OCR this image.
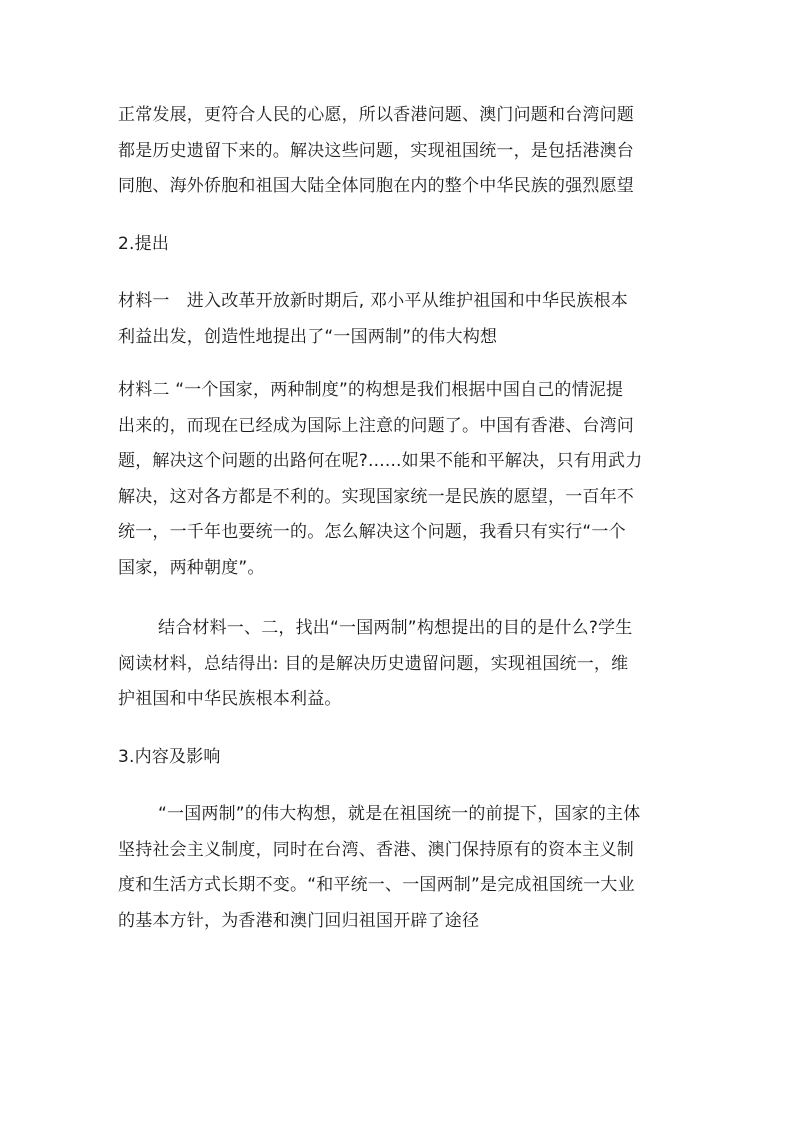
正常发展，更符合人民的心愿，所以香港问题、澳门问题和台湾问题
都是历史遗留下来的。解决这些问题，实现祖国统一，是包括港澳台
同胞、海外侨胞和祖国大陆全体同胞在内的整个中华民族的强烈愿望
2.提出
材料一　进入改革开放新时期后, 邓小平从维护祖国和中华民族根本
利益出发，创造性地提出了“一国两制”的伟大构想
材料二 “一个国家，两种制度”的构想是我们根据中国自己的情泥提
出来的，而现在已经成为国际上注意的问题了。中国有香港、台湾问
题，解决这个问题的出路何在呢?......如果不能和平解决，只有用武力
解决，这对各方都是不利的。实现国家统一是民族的愿望，一百年不
统一，一千年也要统一的。怎么解决这个问题，我看只有实行“一个
国家，两种朝度”。
结合材料一、二，找出“一国两制”构想提出的目的是什么?学生
阅读材料，总结得出: 目的是解决历史遗留问题，实现祖国统一，维
护祖国和中华民族根本利益。
3.内容及影响
“一国两制”的伟大构想，就是在祖国统一的前提下，国家的主体
坚持社会主义制度，同时在台湾、香港、澳门保持原有的资本主义制
度和生活方式长期不变。“和平统一、一国两制”是完成祖国统一大业
的基本方针，为香港和澳门回归祖国开辟了途径
